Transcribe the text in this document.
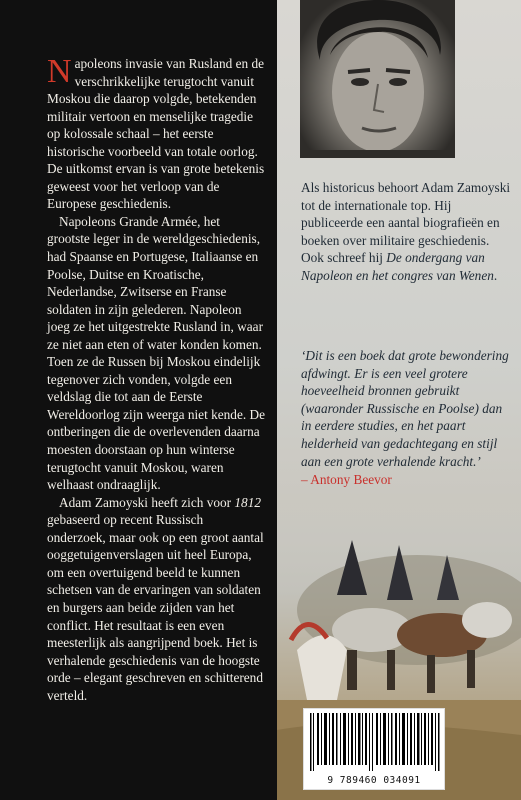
Napoleons invasie van Rusland en de verschrikkelijke terugtocht vanuit Moskou die daarop volgde, betekenden militair vertoon en menselijke tragedie op kolossale schaal – het eerste historische voorbeeld van totale oorlog. De uitkomst ervan is van grote betekenis geweest voor het verloop van de Europese geschiedenis.

Napoleons Grande Armée, het grootste leger in de wereldgeschiedenis, had Spaanse en Portugese, Italiaanse en Poolse, Duitse en Kroatische, Nederlandse, Zwitserse en Franse soldaten in zijn gelederen. Napoleon joeg ze het uitgestrekte Rusland in, waar ze niet aan eten of water konden komen. Toen ze de Russen bij Moskou eindelijk tegenover zich vonden, volgde een veldslag die tot aan de Eerste Wereldoorlog zijn weerga niet kende. De ontberingen die de overlevenden daarna moesten doorstaan op hun winterse terugtocht vanuit Moskou, waren welhaast ondraaglijk.

Adam Zamoyski heeft zich voor 1812 gebaseerd op recent Russisch onderzoek, maar ook op een groot aantal ooggetuigenverslagen uit heel Europa, om een overtuigend beeld te kunnen schetsen van de ervaringen van soldaten en burgers aan beide zijden van het conflict. Het resultaat is een even meesterlijk als aangrijpend boek. Het is verhalende geschiedenis van de hoogste orde – elegant geschreven en schitterend verteld.

Als historicus behoort Adam Zamoyski tot de internationale top. Hij publiceerde een aantal biografieën en boeken over militaire geschiedenis. Ook schreef hij De ondergang van Napoleon en het congres van Wenen.

‘Dit is een boek dat grote bewondering afdwingt. Er is een veel grotere hoeveelheid bronnen gebruikt (waaronder Russische en Poolse) dan in eerdere studies, en het paart helderheid van gedachtegang en stijl aan een grote verhalende kracht.’
– Antony Beevor
9 789460 034091
